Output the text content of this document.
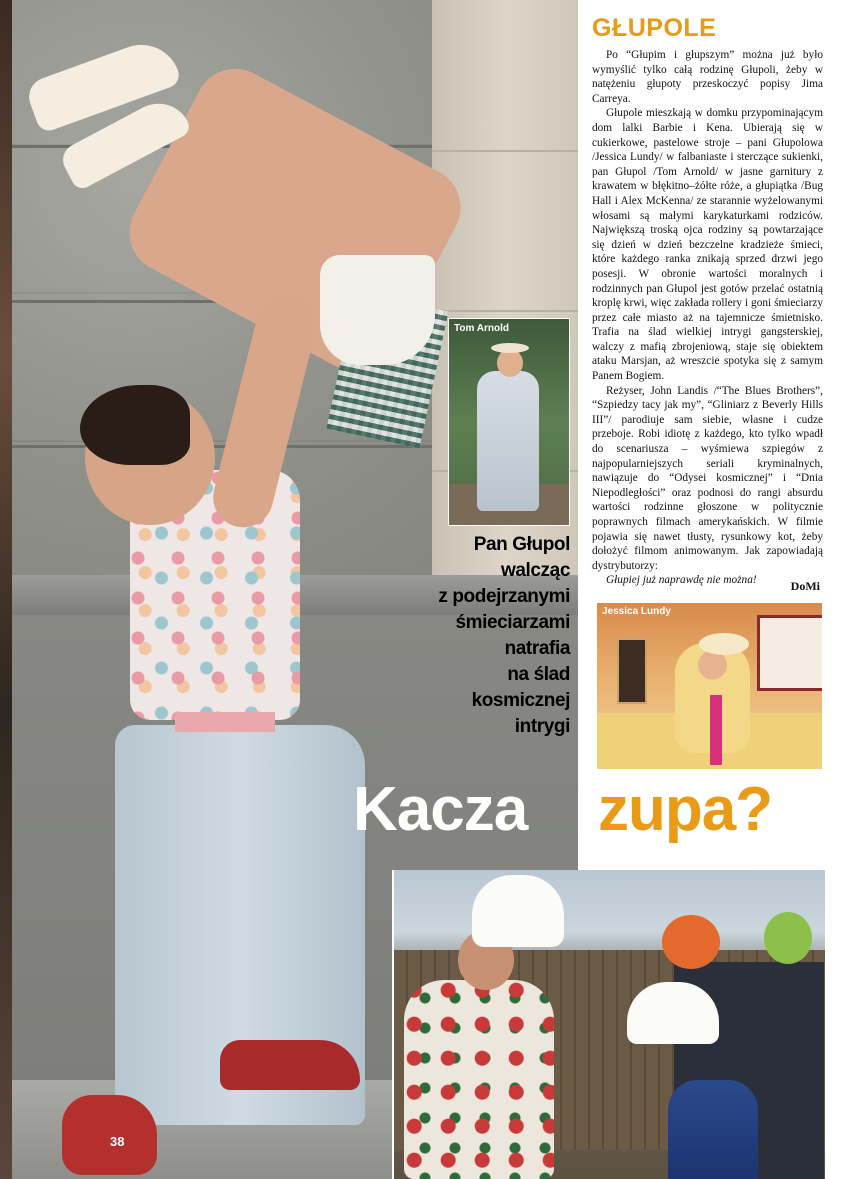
38
Tom Arnold
Pan Głupol
walcząc
z podejrzanymi
śmieciarzami
natrafia
na ślad
kosmicznej
intrygi
GŁUPOLE

Po “Głupim i głupszym” można już było wymyślić tylko całą rodzinę Głupoli, żeby w natężeniu głupoty przeskoczyć popisy Jima Carreya.

Głupole mieszkają w domku przypominającym dom lalki Barbie i Kena. Ubierają się w cukierkowe, pastelowe stroje – pani Głupolowa /Jessica Lundy/ w falbaniaste i sterczące sukienki, pan Głupol /Tom Arnold/ w jasne garnitury z krawatem w błękitno–żółte róże, a głupiątka /Bug Hall i Alex McKenna/ ze starannie wyżelowanymi włosami są małymi karykaturkami rodziców. Największą troską ojca rodziny są powtarzające się dzień w dzień bezczelne kradzieże śmieci, które każdego ranka znikają sprzed drzwi jego posesji. W obronie wartości moralnych i rodzinnych pan Głupol jest gotów przelać ostatnią kroplę krwi, więc zakłada rollery i goni śmieciarzy przez całe miasto aż na tajemnicze śmietnisko. Trafia na ślad wielkiej intrygi gangsterskiej, walczy z mafią zbrojeniową, staje się obiektem ataku Marsjan, aż wreszcie spotyka się z samym Panem Bogiem.

Reżyser, John Landis /“The Blues Brothers”, “Szpiedzy tacy jak my”, “Gliniarz z Beverly Hills III”/ parodiuje sam siebie, własne i cudze przeboje. Robi idiotę z każdego, kto tylko wpadł do scenariusza – wyśmiewa szpiegów z najpopularniejszych seriali kryminalnych, nawiązuje do “Odysei kosmicznej” i “Dnia Niepodległości” oraz podnosi do rangi absurdu wartości rodzinne głoszone w politycznie poprawnych filmach amerykańskich. W filmie pojawia się nawet tłusty, rysunkowy kot, żeby dołożyć filmom animowanym. Jak zapowiadają dystrybutorzy:

Głupiej już naprawdę nie można!	DoMi
Jessica Lundy
Kacza zupa?
